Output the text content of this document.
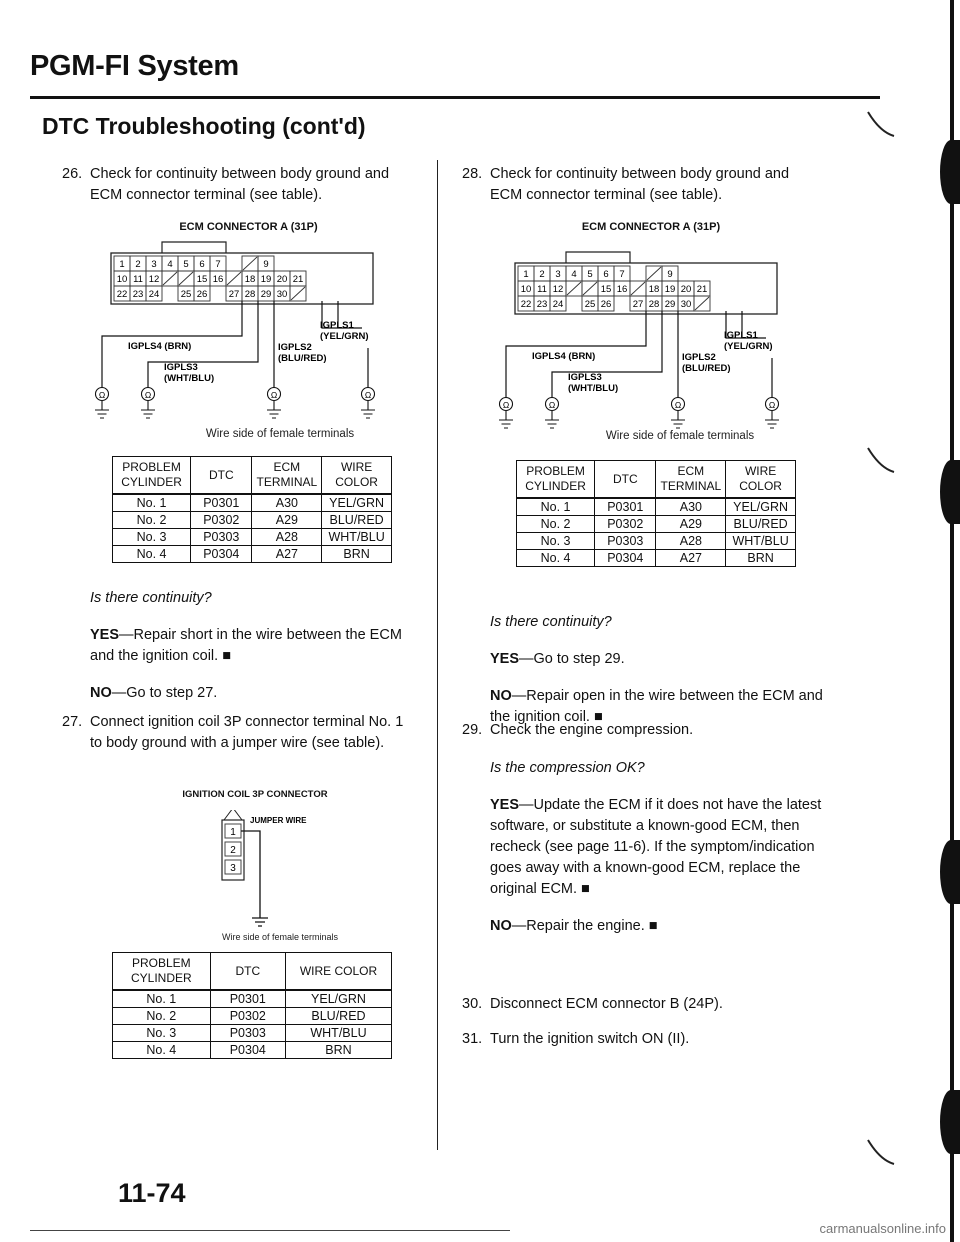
PGM-FI System
DTC Troubleshooting (cont'd)
26. Check for continuity between body ground and ECM connector terminal (see table).

ECM CONNECTOR A (31P)
1 2 3 4 5 6 7	9
10 11 12	15 16 18 19 20 21
22 23 24 25 26 27 28 29 30
IGPLS1
(YEL/GRN)
IGPLS4 (BRN)
IGPLS3
(WHT/BLU)
IGPLS2
(BLU/RED)
Ω	Ω	Ω	Ω
Wire side of female terminals
PROBLEM CYLINDER	DTC	ECM TERMINAL	WIRE COLOR
No. 1	P0301	A30	YEL/GRN
No. 2	P0302	A29	BLU/RED
No. 3	P0303	A28	WHT/BLU
No. 4	P0304	A27	BRN

Is there continuity?

YES—Repair short in the wire between the ECM and the ignition coil. ■

NO—Go to step 27.

27. Connect ignition coil 3P connector terminal No. 1 to body ground with a jumper wire (see table).

IGNITION COIL 3P CONNECTOR
1
2
3
JUMPER WIRE
Wire side of female terminals
PROBLEM CYLINDER	DTC	WIRE COLOR
No. 1	P0301	YEL/GRN
No. 2	P0302	BLU/RED
No. 3	P0303	WHT/BLU
No. 4	P0304	BRN
28. Check for continuity between body ground and ECM connector terminal (see table).

ECM CONNECTOR A (31P)
1 2 3 4 5 6 7	9
10 11 12	15 16 18 19 20 21
22 23 24 25 26 27 28 29 30
IGPLS1
(YEL/GRN)
IGPLS4 (BRN)
IGPLS3
(WHT/BLU)
IGPLS2
(BLU/RED)
Ω	Ω	Ω	Ω
Wire side of female terminals
PROBLEM CYLINDER	DTC	ECM TERMINAL	WIRE COLOR
No. 1	P0301	A30	YEL/GRN
No. 2	P0302	A29	BLU/RED
No. 3	P0303	A28	WHT/BLU
No. 4	P0304	A27	BRN

Is there continuity?

YES—Go to step 29.

NO—Repair open in the wire between the ECM and the ignition coil. ■

29. Check the engine compression.

Is the compression OK?

YES—Update the ECM if it does not have the latest software, or substitute a known-good ECM, then recheck (see page 11-6). If the symptom/indication goes away with a known-good ECM, replace the original ECM. ■

NO—Repair the engine. ■

30. Disconnect ECM connector B (24P).

31. Turn the ignition switch ON (II).

11-74
carmanualsonline.info
